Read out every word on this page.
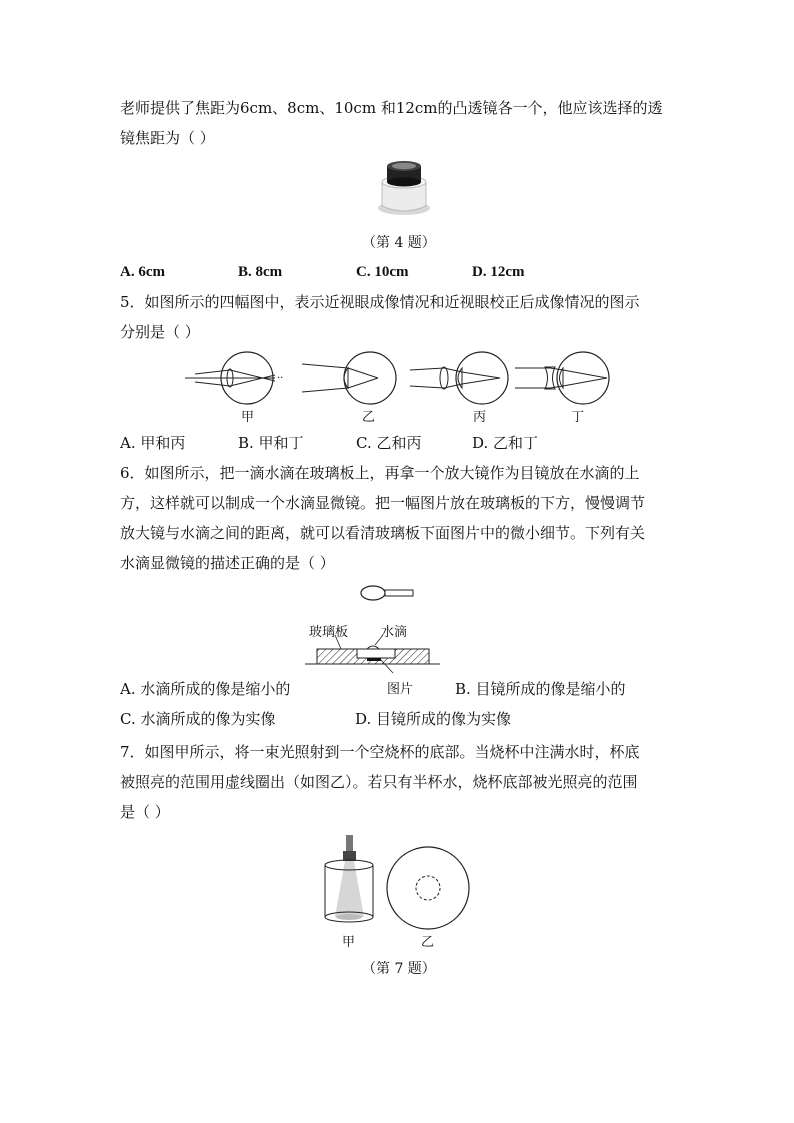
老师提供了焦距为6cm、8cm、10cm 和12cm的凸透镜各一个，他应该选择的透
镜焦距为（ ）
（第 4 题）
A. 6cm	B. 8cm	C. 10cm	D. 12cm
5．如图所示的四幅图中，表示近视眼成像情况和近视眼校正后成像情况的图示
分别是（ ）
··
甲	乙	丙	丁
A. 甲和丙	B. 甲和丁	C. 乙和丙	D. 乙和丁
6．如图所示，把一滴水滴在玻璃板上，再拿一个放大镜作为目镜放在水滴的上
方，这样就可以制成一个水滴显微镜。把一幅图片放在玻璃板的下方，慢慢调节
放大镜与水滴之间的距离，就可以看清玻璃板下面图片中的微小细节。下列有关
水滴显微镜的描述正确的是（ ）
玻璃板	水滴
图片
A. 水滴所成的像是缩小的	B. 目镜所成的像是缩小的
C. 水滴所成的像为实像	D. 目镜所成的像为实像
7．如图甲所示，将一束光照射到一个空烧杯的底部。当烧杯中注满水时，杯底
被照亮的范围用虚线圈出（如图乙）。若只有半杯水，烧杯底部被光照亮的范围
是（ ）
甲	乙
（第 7 题）
